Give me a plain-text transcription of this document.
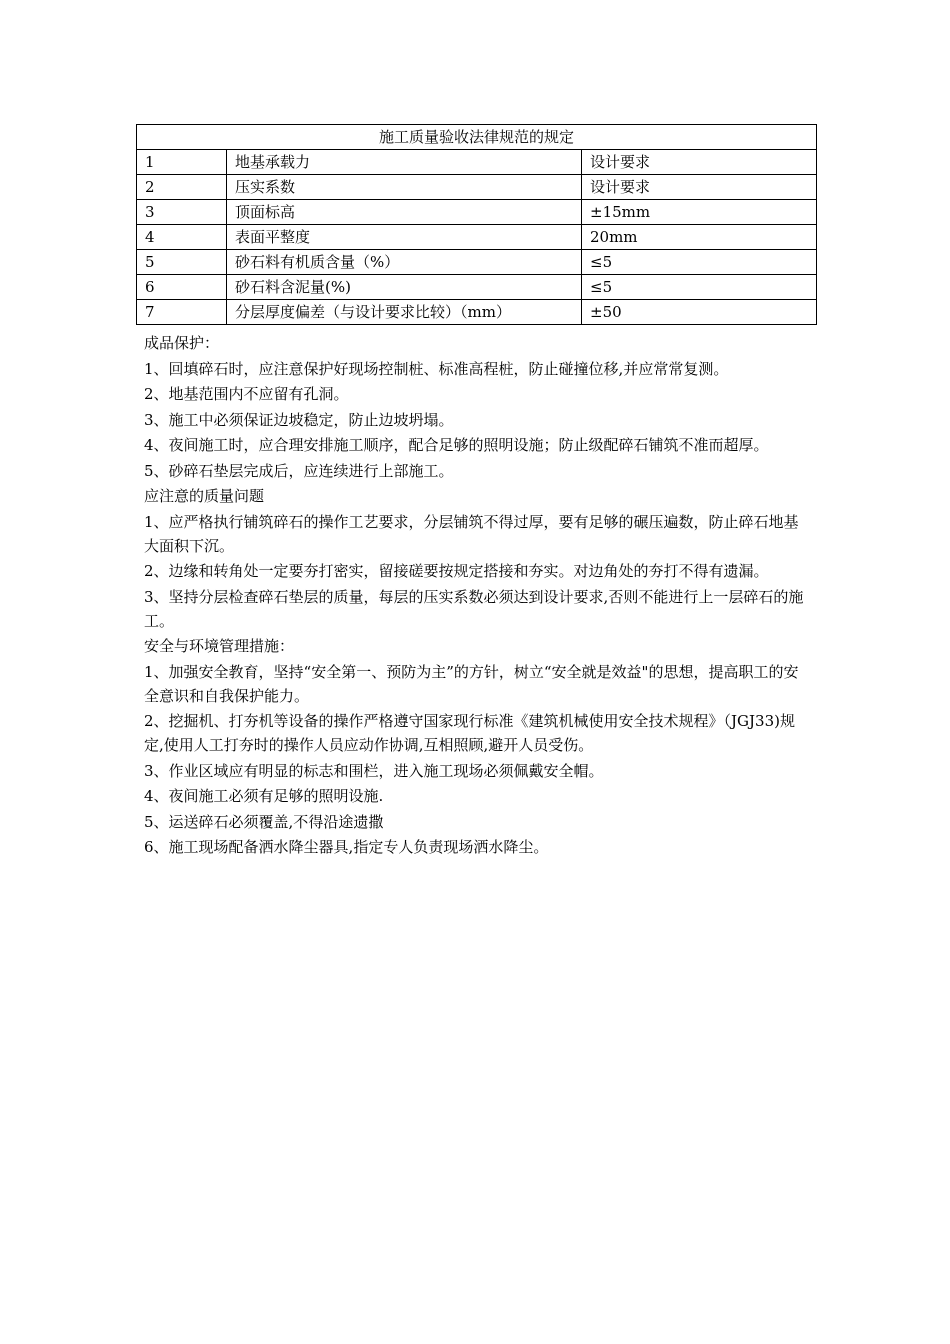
施工质量验收法律规范的规定		
1	地基承载力	设计要求
2	压实系数	设计要求
3	顶面标高	±15mm
4	表面平整度	20mm
5	砂石料有机质含量（%）	≤5
6	砂石料含泥量(%)	≤5
7	分层厚度偏差（与设计要求比较）（mm）	±50

成品保护：

1、回填碎石时，应注意保护好现场控制桩、标准高程桩，防止碰撞位移,并应常常复测。

2、地基范围内不应留有孔洞。

3、施工中必须保证边坡稳定，防止边坡坍塌。

4、夜间施工时，应合理安排施工顺序，配合足够的照明设施；防止级配碎石铺筑不准而超厚。

5、砂碎石垫层完成后，应连续进行上部施工。

应注意的质量问题

1、应严格执行铺筑碎石的操作工艺要求，分层铺筑不得过厚，要有足够的碾压遍数，防止碎石地基大面积下沉。

2、边缘和转角处一定要夯打密实，留接磋要按规定搭接和夯实。对边角处的夯打不得有遗漏。

3、坚持分层检查碎石垫层的质量，每层的压实系数必须达到设计要求,否则不能进行上一层碎石的施工。

安全与环境管理措施：

1、加强安全教育，坚持“安全第一、预防为主”的方针，树立“安全就是效益"的思想，提高职工的安全意识和自我保护能力。

2、挖掘机、打夯机等设备的操作严格遵守国家现行标准《建筑机械使用安全技术规程》（JGJ33)规定,使用人工打夯时的操作人员应动作协调,互相照顾,避开人员受伤。

3、作业区域应有明显的标志和围栏，进入施工现场必须佩戴安全帽。

4、夜间施工必须有足够的照明设施.

5、运送碎石必须覆盖,不得沿途遗撒

6、施工现场配备洒水降尘器具,指定专人负责现场洒水降尘。
